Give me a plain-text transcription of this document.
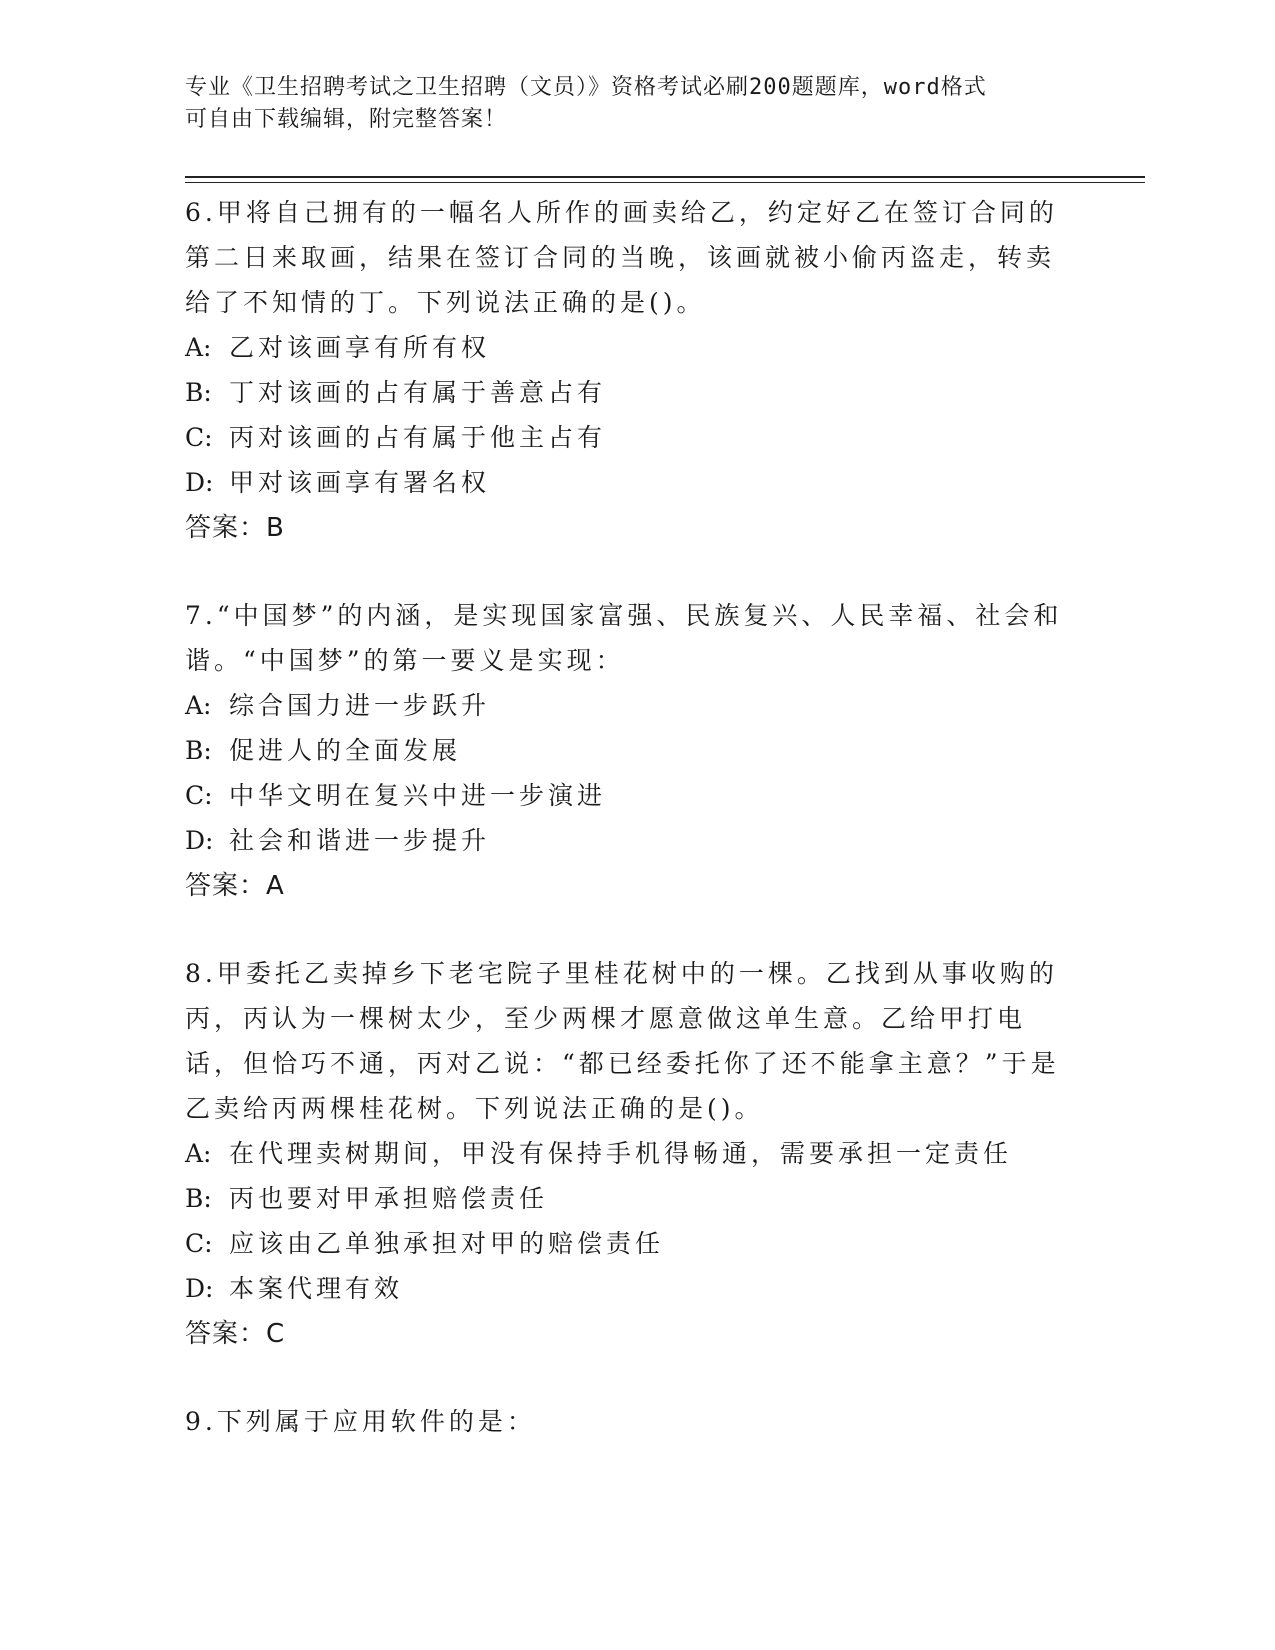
专业《卫生招聘考试之卫生招聘（文员）》资格考试必刷200题题库，word格式
可自由下载编辑，附完整答案！

6.甲将自己拥有的一幅名人所作的画卖给乙，约定好乙在签订合同的第二日来取画，结果在签订合同的当晚，该画就被小偷丙盗走，转卖给了不知情的丁。下列说法正确的是()。

A: 乙对该画享有所有权

B: 丁对该画的占有属于善意占有

C: 丙对该画的占有属于他主占有

D: 甲对该画享有署名权

答案：B

7.“中国梦”的内涵，是实现国家富强、民族复兴、人民幸福、社会和谐。“中国梦”的第一要义是实现：

A: 综合国力进一步跃升

B: 促进人的全面发展

C: 中华文明在复兴中进一步演进

D: 社会和谐进一步提升

答案：A

8.甲委托乙卖掉乡下老宅院子里桂花树中的一棵。乙找到从事收购的丙，丙认为一棵树太少，至少两棵才愿意做这单生意。乙给甲打电话，但恰巧不通，丙对乙说：“都已经委托你了还不能拿主意？”于是乙卖给丙两棵桂花树。下列说法正确的是()。

A: 在代理卖树期间，甲没有保持手机得畅通，需要承担一定责任

B: 丙也要对甲承担赔偿责任

C: 应该由乙单独承担对甲的赔偿责任

D: 本案代理有效

答案：C

9.下列属于应用软件的是：
